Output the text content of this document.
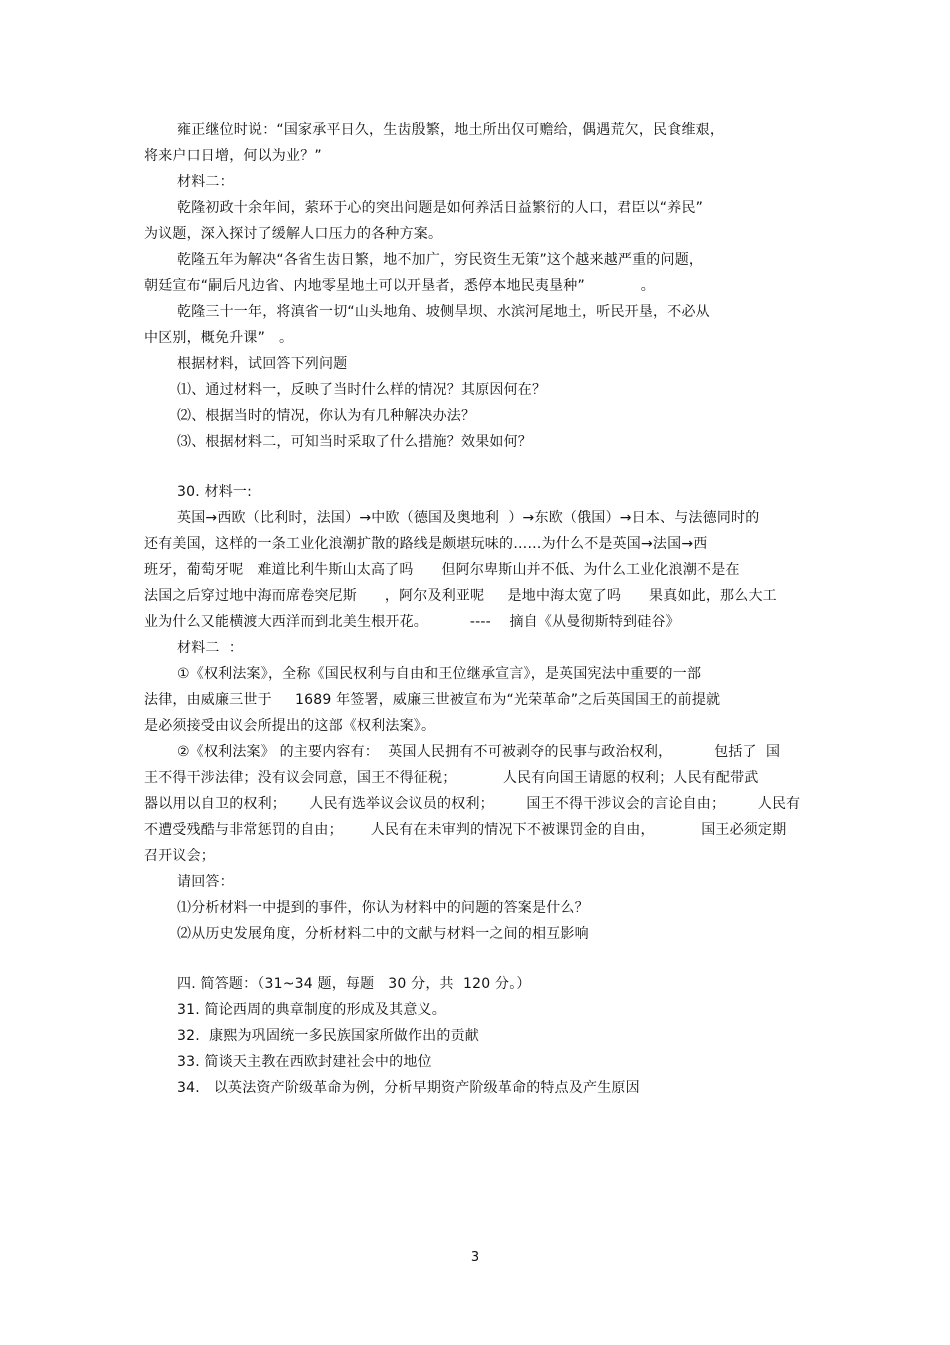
雍正继位时说：“国家承平日久，生齿殷繁，地土所出仅可赡给，偶遇荒欠，民食维艰，
将来户口日增，何以为业？”
材料二：
乾隆初政十余年间，萦环于心的突出问题是如何养活日益繁衍的人口，君臣以“养民”
为议题，深入探讨了缓解人口压力的各种方案。
乾隆五年为解决“各省生齿日繁，地不加广，穷民资生无策”这个越来越严重的问题，
朝廷宣布“嗣后凡边省、内地零星地土可以开垦者，悉停本地民夷垦种”            。
乾隆三十一年，将滇省一切“山头地角、坡侧旱坝、水滨河尾地土，听民开垦，不必从
中区别，概免升课”   。
根据材料，试回答下列问题
⑴、通过材料一，反映了当时什么样的情况？其原因何在？
⑵、根据当时的情况，你认为有几种解决办法？
⑶、根据材料二，可知当时采取了什么措施？效果如何？
30. 材料一:
英国→西欧（比利时，法国）→中欧（德国及奥地利  ）→东欧（俄国）→日本、与法德同时的
还有美国，这样的一条工业化浪潮扩散的路线是颇堪玩味的……为什么不是英国→法国→西
班牙，葡萄牙呢   难道比利牛斯山太高了吗      但阿尔卑斯山并不低、为什么工业化浪潮不是在
法国之后穿过地中海而席卷突尼斯      ，阿尔及利亚呢     是地中海太宽了吗      果真如此，那么大工
业为什么又能横渡大西洋而到北美生根开花。         ----    摘自《从曼彻斯特到硅谷》
材料二  ：
①《权利法案》，全称《国民权利与自由和王位继承宣言》，是英国宪法中重要的一部
法律，由威廉三世于     1689 年签署，威廉三世被宣布为“光荣革命”之后英国国王的前提就
是必须接受由议会所提出的这部《权利法案》。
②《权利法案》 的主要内容有：  英国人民拥有不可被剥夺的民事与政治权利，         包括了  国
王不得干涉法律；没有议会同意，国王不得征税；          人民有向国王请愿的权利；人民有配带武
器以用以自卫的权利；     人民有选举议会议员的权利；       国王不得干涉议会的言论自由；       人民有
不遭受残酷与非常惩罚的自由；      人民有在未审判的情况下不被课罚金的自由，          国王必须定期
召开议会；
请回答：
⑴分析材料一中提到的事件，你认为材料中的问题的答案是什么？
⑵从历史发展角度，分析材料二中的文献与材料一之间的相互影响
四. 简答题：（31~34 题，每题   30 分，共  120 分。）
31. 简论西周的典章制度的形成及其意义。
32.  康熙为巩固统一多民族国家所做作出的贡献
33. 简谈天主教在西欧封建社会中的地位
34.   以英法资产阶级革命为例，分析早期资产阶级革命的特点及产生原因
3
